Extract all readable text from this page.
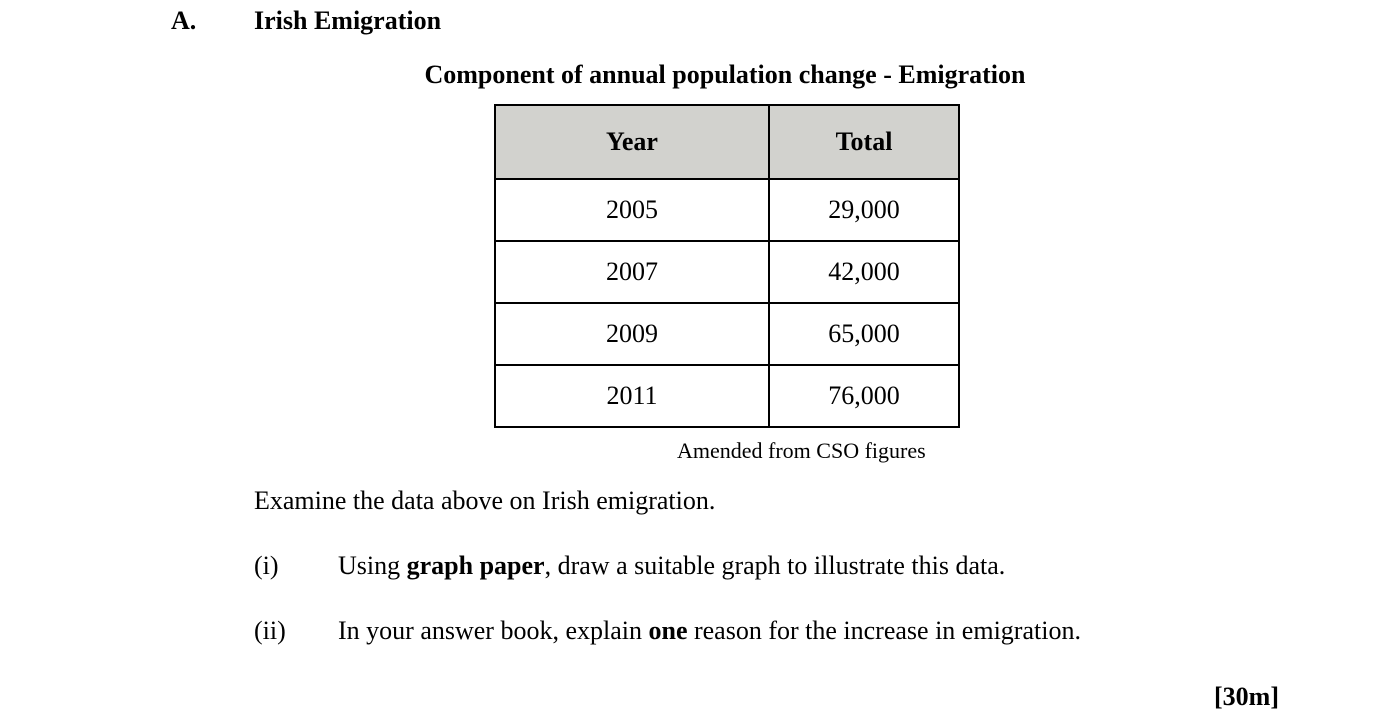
A. Irish Emigration
Component of annual population change - Emigration
Year	Total
2005	29,000
2007	42,000
2009	65,000
2011	76,000
Amended from CSO figures
Examine the data above on Irish emigration.
(i) Using graph paper, draw a suitable graph to illustrate this data.
(ii) In your answer book, explain one reason for the increase in emigration.
[30m]
